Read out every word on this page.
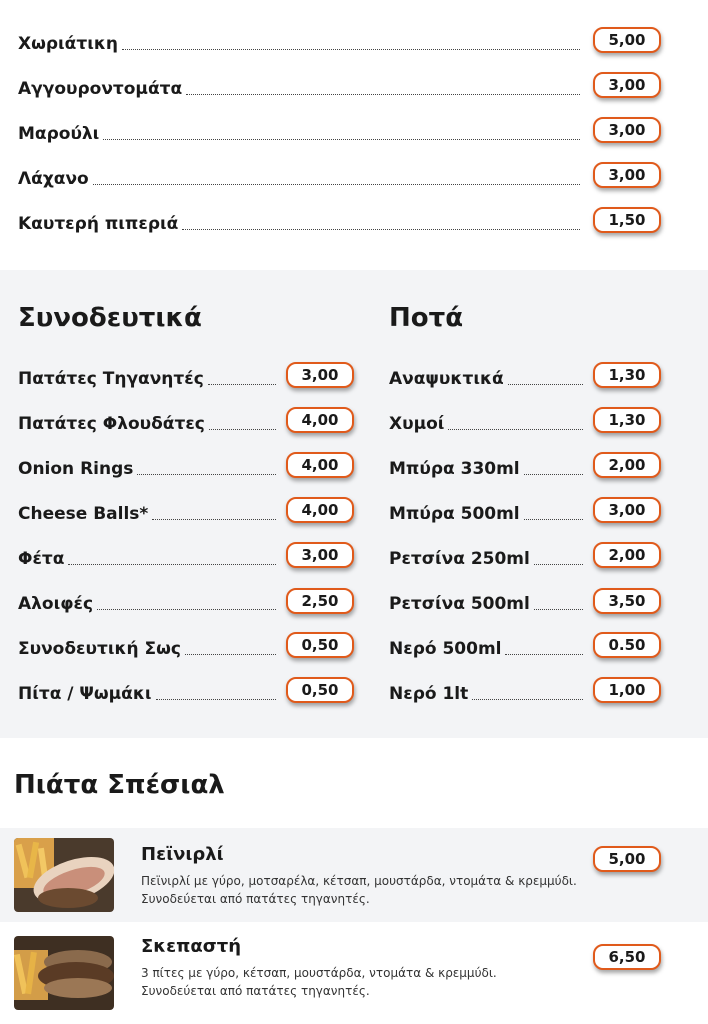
Χωριάτικη	5,00
Αγγουροντομάτα	3,00
Μαρούλι	3,00
Λάχανο	3,00
Καυτερή πιπεριά	1,50
Συνοδευτικά	Ποτά
Πατάτες Τηγανητές	3,00
Πατάτες Φλουδάτες	4,00
Onion Rings	4,00
Cheese Balls*	4,00
Φέτα	3,00
Αλοιφές	2,50
Συνοδευτική Σως	0,50
Πίτα / Ψωμάκι	0,50
Αναψυκτικά	1,30
Χυμοί	1,30
Μπύρα 330ml	2,00
Μπύρα 500ml	3,00
Ρετσίνα 250ml	2,00
Ρετσίνα 500ml	3,50
Νερό 500ml	0.50
Νερό 1lt	1,00
Πιάτα Σπέσιαλ
Πεϊνιρλί
Πεϊνιρλί με γύρο, μοτσαρέλα, κέτσαπ, μουστάρδα, ντομάτα & κρεμμύδι.
Συνοδεύεται από πατάτες τηγανητές.
5,00
Σκεπαστή
3 πίτες με γύρο, κέτσαπ, μουστάρδα, ντομάτα & κρεμμύδι.
Συνοδεύεται από πατάτες τηγανητές.
6,50
